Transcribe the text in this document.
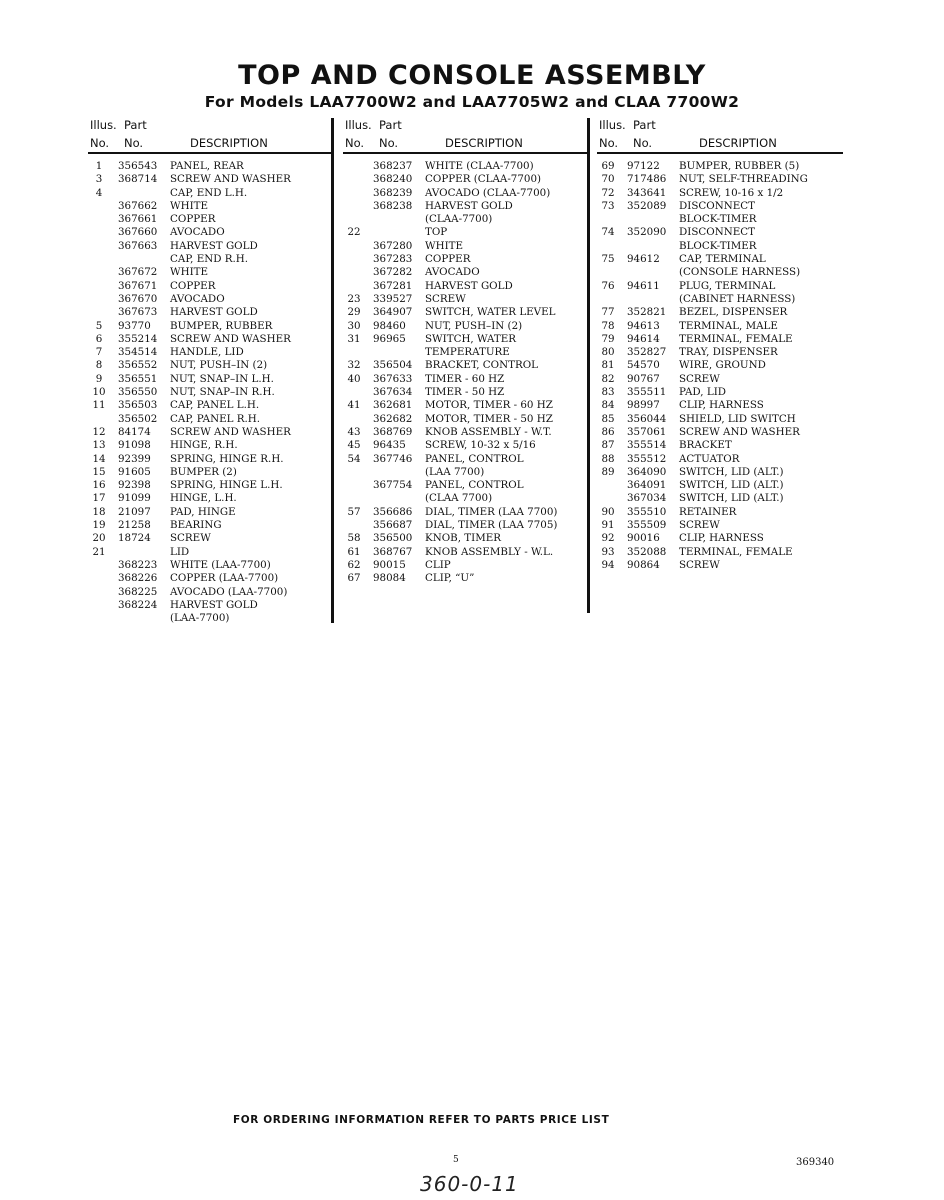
TOP AND CONSOLE ASSEMBLY
For Models LAA7700W2 and LAA7705W2 and CLAA 7700W2
Illus. Part
No. No.	DESCRIPTION
1	356543 PANEL, REAR
3	368714 SCREW AND WASHER
4	CAP, END L.H.
367662 WHITE
367661 COPPER
367660 AVOCADO
367663 HARVEST GOLD
CAP, END R.H.
367672 WHITE
367671 COPPER
367670 AVOCADO
367673 HARVEST GOLD
5	93770 BUMPER, RUBBER
6	355214 SCREW AND WASHER
7	354514 HANDLE, LID
8	356552 NUT, PUSH–IN (2)
9	356551 NUT, SNAP–IN L.H.
10	356550 NUT, SNAP–IN R.H.
11	356503 CAP, PANEL L.H.
356502 CAP, PANEL R.H.
12	84174 SCREW AND WASHER
13	91098 HINGE, R.H.
14	92399 SPRING, HINGE R.H.
15	91605 BUMPER (2)
16	92398 SPRING, HINGE L.H.
17	91099 HINGE, L.H.
18	21097 PAD, HINGE
19	21258 BEARING
20	18724 SCREW
21	LID
368223 WHITE (LAA-7700)
368226 COPPER (LAA-7700)
368225 AVOCADO (LAA-7700)
368224 HARVEST GOLD
(LAA-7700)
Illus. Part
No. No.	DESCRIPTION
368237 WHITE (CLAA-7700)
368240 COPPER (CLAA-7700)
368239 AVOCADO (CLAA-7700)
368238 HARVEST GOLD
(CLAA-7700)
22	TOP
367280 WHITE
367283 COPPER
367282 AVOCADO
367281 HARVEST GOLD
23	339527 SCREW
29	364907 SWITCH, WATER LEVEL
30	98460 NUT, PUSH–IN (2)
31	96965 SWITCH, WATER
TEMPERATURE
32	356504 BRACKET, CONTROL
40	367633 TIMER - 60 HZ
367634 TIMER - 50 HZ
41	362681 MOTOR, TIMER - 60 HZ
362682 MOTOR, TIMER - 50 HZ
43	368769 KNOB ASSEMBLY - W.T.
45	96435 SCREW, 10-32 x 5/16
54	367746 PANEL, CONTROL
(LAA 7700)
367754 PANEL, CONTROL
(CLAA 7700)
57	356686 DIAL, TIMER (LAA 7700)
356687 DIAL, TIMER (LAA 7705)
58	356500 KNOB, TIMER
61	368767 KNOB ASSEMBLY - W.L.
62	90015 CLIP
67	98084 CLIP, “U”
Illus. Part
No. No.	DESCRIPTION
69	97122 BUMPER, RUBBER (5)
70	717486 NUT, SELF-THREADING
72	343641 SCREW, 10-16 x 1/2
73	352089 DISCONNECT
BLOCK-TIMER
74	352090 DISCONNECT
BLOCK-TIMER
75	94612 CAP, TERMINAL
(CONSOLE HARNESS)
76	94611 PLUG, TERMINAL
(CABINET HARNESS)
77	352821 BEZEL, DISPENSER
78	94613 TERMINAL, MALE
79	94614 TERMINAL, FEMALE
80	352827 TRAY, DISPENSER
81	54570 WIRE, GROUND
82	90767 SCREW
83	355511 PAD, LID
84	98997 CLIP, HARNESS
85	356044 SHIELD, LID SWITCH
86	357061 SCREW AND WASHER
87	355514 BRACKET
88	355512 ACTUATOR
89	364090 SWITCH, LID (ALT.)
364091 SWITCH, LID (ALT.)
367034 SWITCH, LID (ALT.)
90	355510 RETAINER
91	355509 SCREW
92	90016 CLIP, HARNESS
93	352088 TERMINAL, FEMALE
94	90864 SCREW
FOR ORDERING INFORMATION REFER TO PARTS PRICE LIST
5	369340
360-0-11
